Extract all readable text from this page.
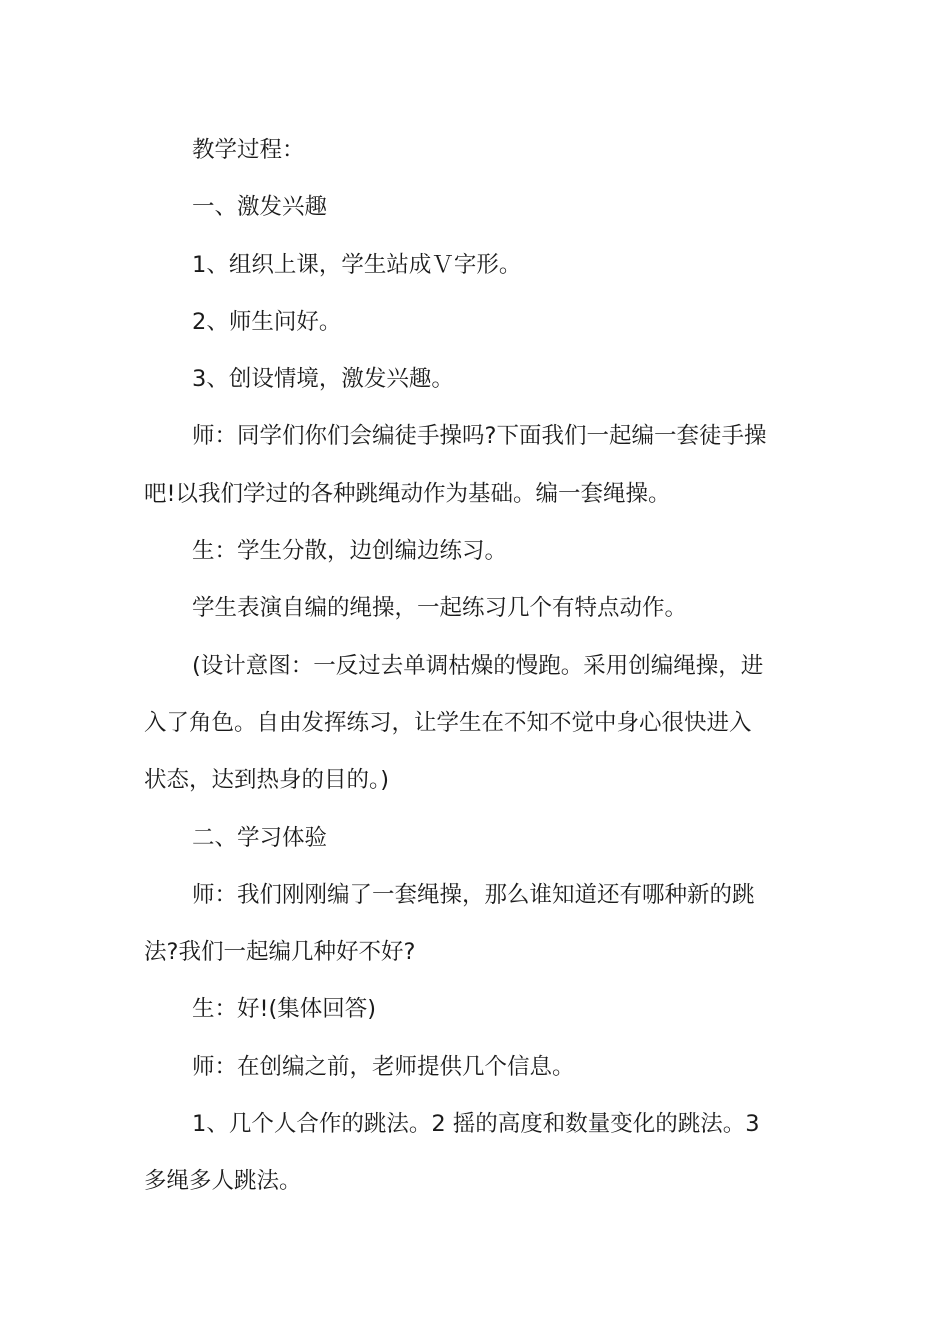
教学过程：

一、激发兴趣

1、组织上课，学生站成Ｖ字形。

2、师生问好。

3、创设情境，激发兴趣。

师：同学们你们会编徒手操吗?下面我们一起编一套徒手操

吧!以我们学过的各种跳绳动作为基础。编一套绳操。

生：学生分散，边创编边练习。

学生表演自编的绳操，一起练习几个有特点动作。

(设计意图：一反过去单调枯燥的慢跑。采用创编绳操，进

入了角色。自由发挥练习，让学生在不知不觉中身心很快进入

状态，达到热身的目的。)

二、学习体验

师：我们刚刚编了一套绳操，那么谁知道还有哪种新的跳

法?我们一起编几种好不好?

生：好!(集体回答)

师：在创编之前，老师提供几个信息。

1、几个人合作的跳法。2 摇的高度和数量变化的跳法。3

多绳多人跳法。
